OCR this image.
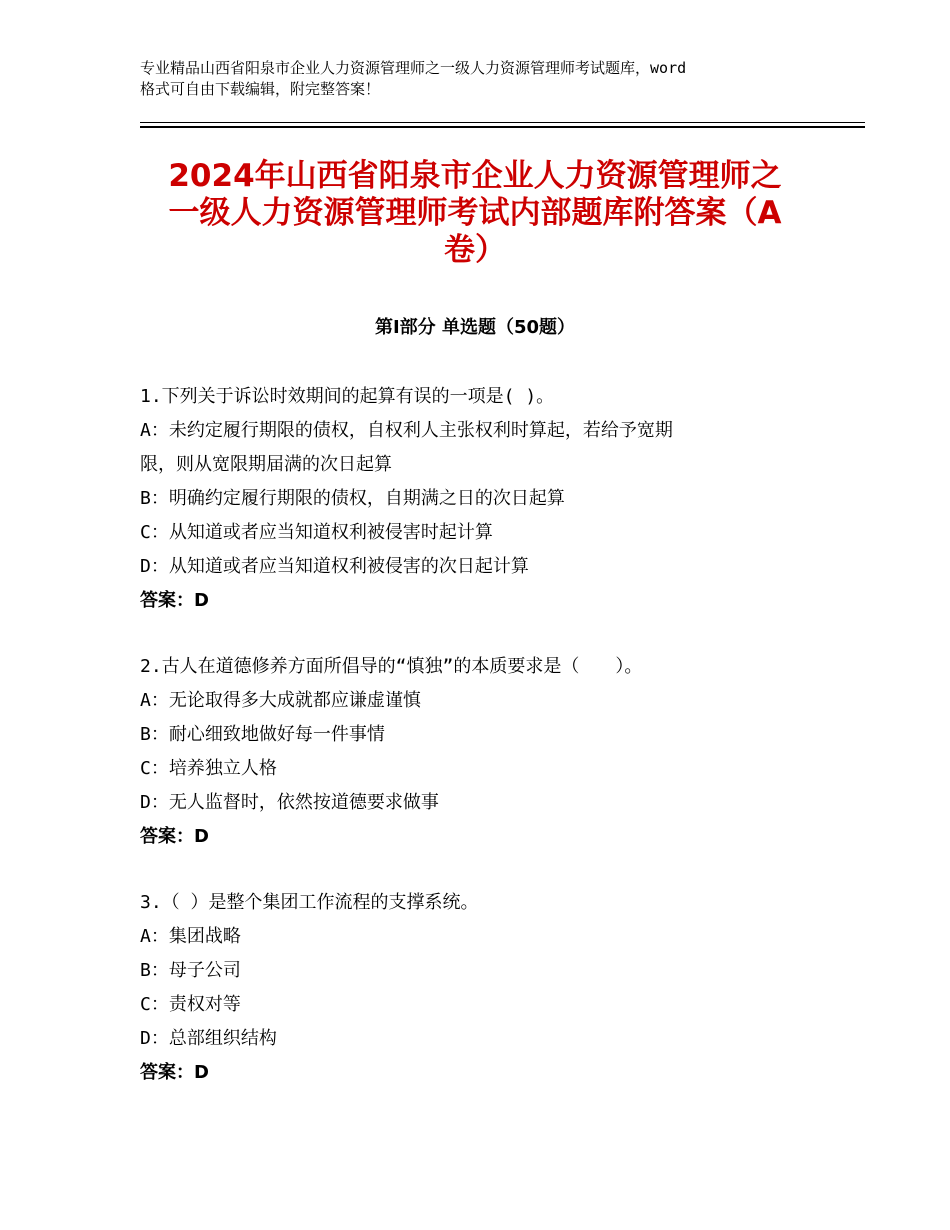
专业精品山西省阳泉市企业人力资源管理师之一级人力资源管理师考试题库，word
格式可自由下载编辑，附完整答案！
2024年山西省阳泉市企业人力资源管理师之
一级人力资源管理师考试内部题库附答案（A
卷）
第Ⅰ部分 单选题（50题）
1.下列关于诉讼时效期间的起算有误的一项是( )。
A：未约定履行期限的债权，自权利人主张权利时算起，若给予宽期
限，则从宽限期届满的次日起算
B：明确约定履行期限的债权，自期满之日的次日起算
C：从知道或者应当知道权利被侵害时起计算
D：从知道或者应当知道权利被侵害的次日起计算
答案：D
2.古人在道德修养方面所倡导的“慎独”的本质要求是（　　）。
A：无论取得多大成就都应谦虚谨慎
B：耐心细致地做好每一件事情
C：培养独立人格
D：无人监督时，依然按道德要求做事
答案：D
3.（ ）是整个集团工作流程的支撑系统。
A：集团战略
B：母子公司
C：责权对等
D：总部组织结构
答案：D
